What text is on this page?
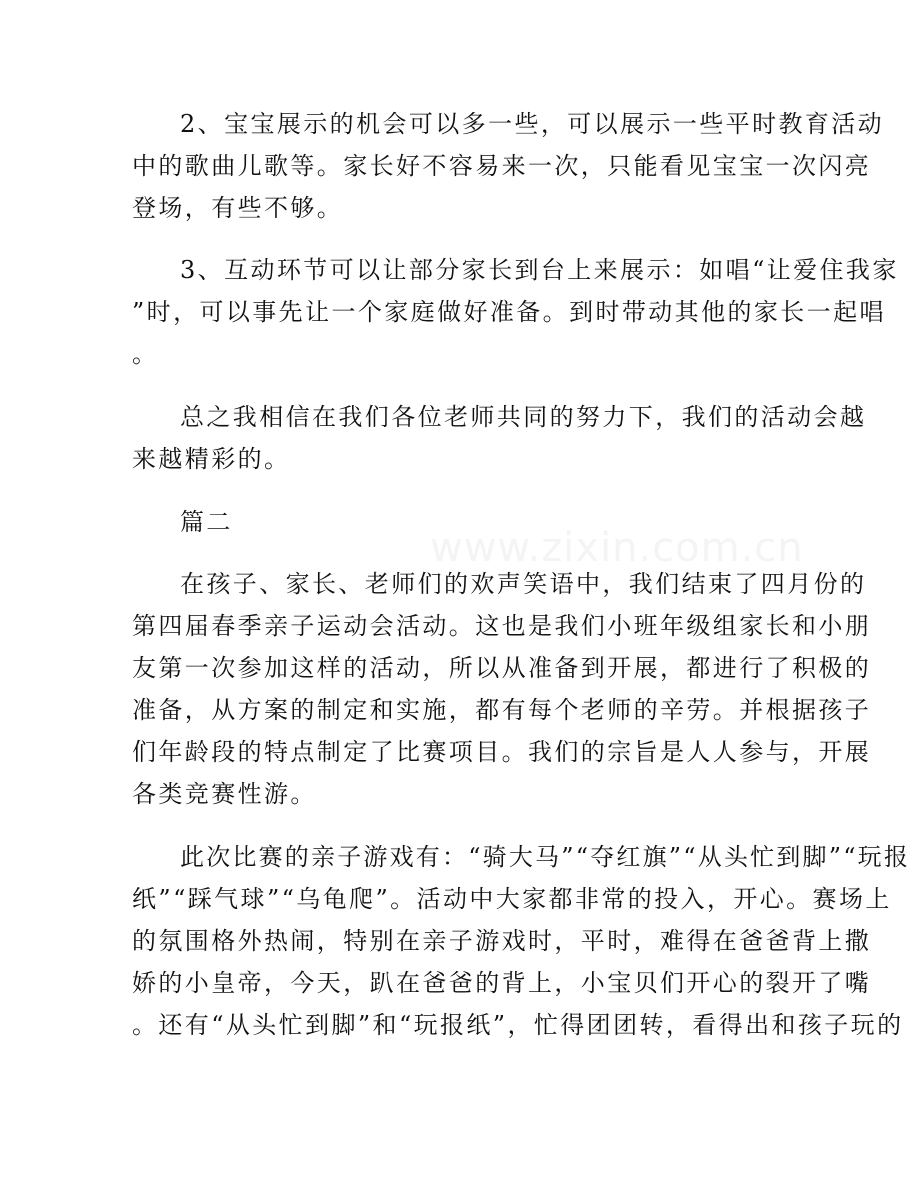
www.zixin.com.cn
2、宝宝展示的机会可以多一些，可以展示一些平时教育活动
中的歌曲儿歌等。家长好不容易来一次，只能看见宝宝一次闪亮
登场，有些不够。
3、互动环节可以让部分家长到台上来展示：如唱“让爱住我家
”时，可以事先让一个家庭做好准备。到时带动其他的家长一起唱
。
总之我相信在我们各位老师共同的努力下，我们的活动会越
来越精彩的。
篇二
在孩子、家长、老师们的欢声笑语中，我们结束了四月份的
第四届春季亲子运动会活动。这也是我们小班年级组家长和小朋
友第一次参加这样的活动，所以从准备到开展，都进行了积极的
准备，从方案的制定和实施，都有每个老师的辛劳。并根据孩子
们年龄段的特点制定了比赛项目。我们的宗旨是人人参与，开展
各类竞赛性游。
此次比赛的亲子游戏有：“骑大马”“夺红旗”“从头忙到脚”“玩报
纸”“踩气球”“乌龟爬”。活动中大家都非常的投入，开心。赛场上
的氛围格外热闹，特别在亲子游戏时，平时，难得在爸爸背上撒
娇的小皇帝，今天，趴在爸爸的背上，小宝贝们开心的裂开了嘴
。还有“从头忙到脚”和“玩报纸”，忙得团团转，看得出和孩子玩的
